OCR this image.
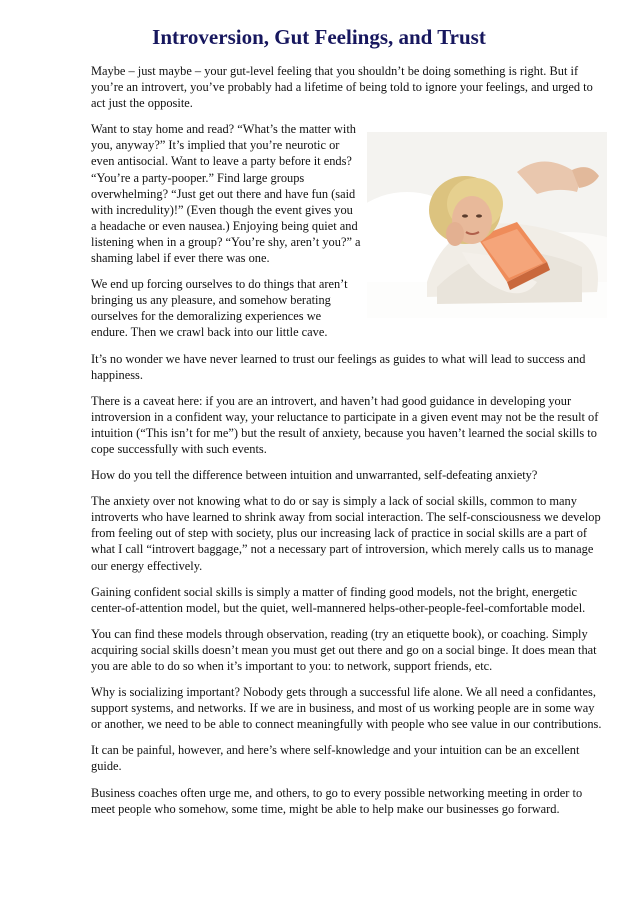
Introversion, Gut Feelings, and Trust

Maybe – just maybe – your gut-level feeling that you shouldn’t be doing something is right. But if you’re an introvert, you’ve probably had a lifetime of being told to ignore your feelings, and urged to act just the opposite.

Want to stay home and read? “What’s the matter with you, anyway?” It’s implied that you’re neurotic or even antisocial. Want to leave a party before it ends? “You’re a party-pooper.” Find large groups overwhelming? “Just get out there and have fun (said with incredulity)!” (Even though the event gives you a headache or even nausea.) Enjoying being quiet and listening when in a group? “You’re shy, aren’t you?” a shaming label if ever there was one.

We end up forcing ourselves to do things that aren’t bringing us any pleasure, and somehow berating ourselves for the demoralizing experiences we endure. Then we crawl back into our little cave.

It’s no wonder we have never learned to trust our feelings as guides to what will lead to success and happiness.

There is a caveat here: if you are an introvert, and haven’t had good guidance in developing your introversion in a confident way, your reluctance to participate in a given event may not be the result of intuition (“This isn’t for me”) but the result of anxiety, because you haven’t learned the social skills to cope successfully with such events.

How do you tell the difference between intuition and unwarranted, self-defeating anxiety?

The anxiety over not knowing what to do or say is simply a lack of social skills, common to many introverts who have learned to shrink away from social interaction. The self-consciousness we develop from feeling out of step with society, plus our increasing lack of practice in social skills are a part of what I call “introvert baggage,” not a necessary part of introversion, which merely calls us to manage our energy effectively.

Gaining confident social skills is simply a matter of finding good models, not the bright, energetic center-of-attention model, but the quiet, well-mannered helps-other-people-feel-comfortable model.

You can find these models through observation, reading (try an etiquette book), or coaching. Simply acquiring social skills doesn’t mean you must get out there and go on a social binge. It does mean that you are able to do so when it’s important to you: to network, support friends, etc.

Why is socializing important? Nobody gets through a successful life alone. We all need a confidantes, support systems, and networks. If we are in business, and most of us working people are in some way or another, we need to be able to connect meaningfully with people who see value in our contributions.

It can be painful, however, and here’s where self-knowledge and your intuition can be an excellent guide.

Business coaches often urge me, and others, to go to every possible networking meeting in order to meet people who somehow, some time, might be able to help make our businesses go forward.
